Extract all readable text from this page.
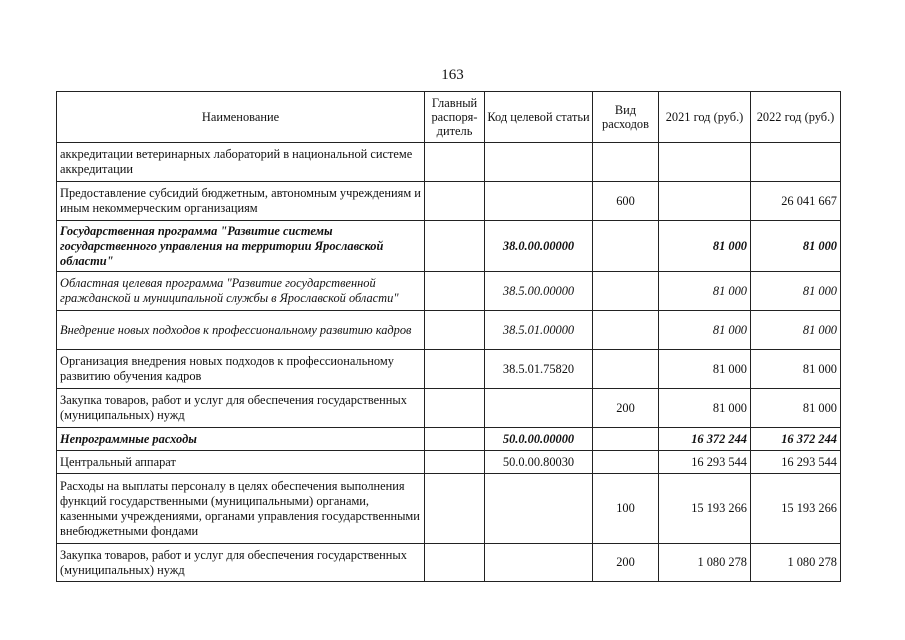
163
Наименование	Главный распоря-дитель	Код целевой статьи	Вид расходов	2021 год (руб.)	2022 год (руб.)
аккредитации ветеринарных лабораторий в национальной системе аккредитации					
Предоставление субсидий бюджетным, автономным учреждениям и иным некоммерческим организациям			600		26 041 667
Государственная программа "Развитие системы государственного управления на территории Ярославской области"		38.0.00.00000		81 000	81 000
Областная целевая программа "Развитие государственной гражданской и муниципальной службы в Ярославской области"		38.5.00.00000		81 000	81 000
Внедрение новых подходов к профессиональному развитию кадров		38.5.01.00000		81 000	81 000
Организация внедрения новых подходов к профессиональному развитию обучения кадров		38.5.01.75820		81 000	81 000
Закупка товаров, работ и услуг для обеспечения государственных (муниципальных) нужд			200	81 000	81 000
Непрограммные расходы		50.0.00.00000		16 372 244	16 372 244
Центральный аппарат		50.0.00.80030		16 293 544	16 293 544
Расходы на выплаты персоналу в целях обеспечения выполнения функций государственными (муниципальными) органами, казенными учреждениями, органами управления государственными внебюджетными фондами			100	15 193 266	15 193 266
Закупка товаров, работ и услуг для обеспечения государственных (муниципальных) нужд			200	1 080 278	1 080 278
